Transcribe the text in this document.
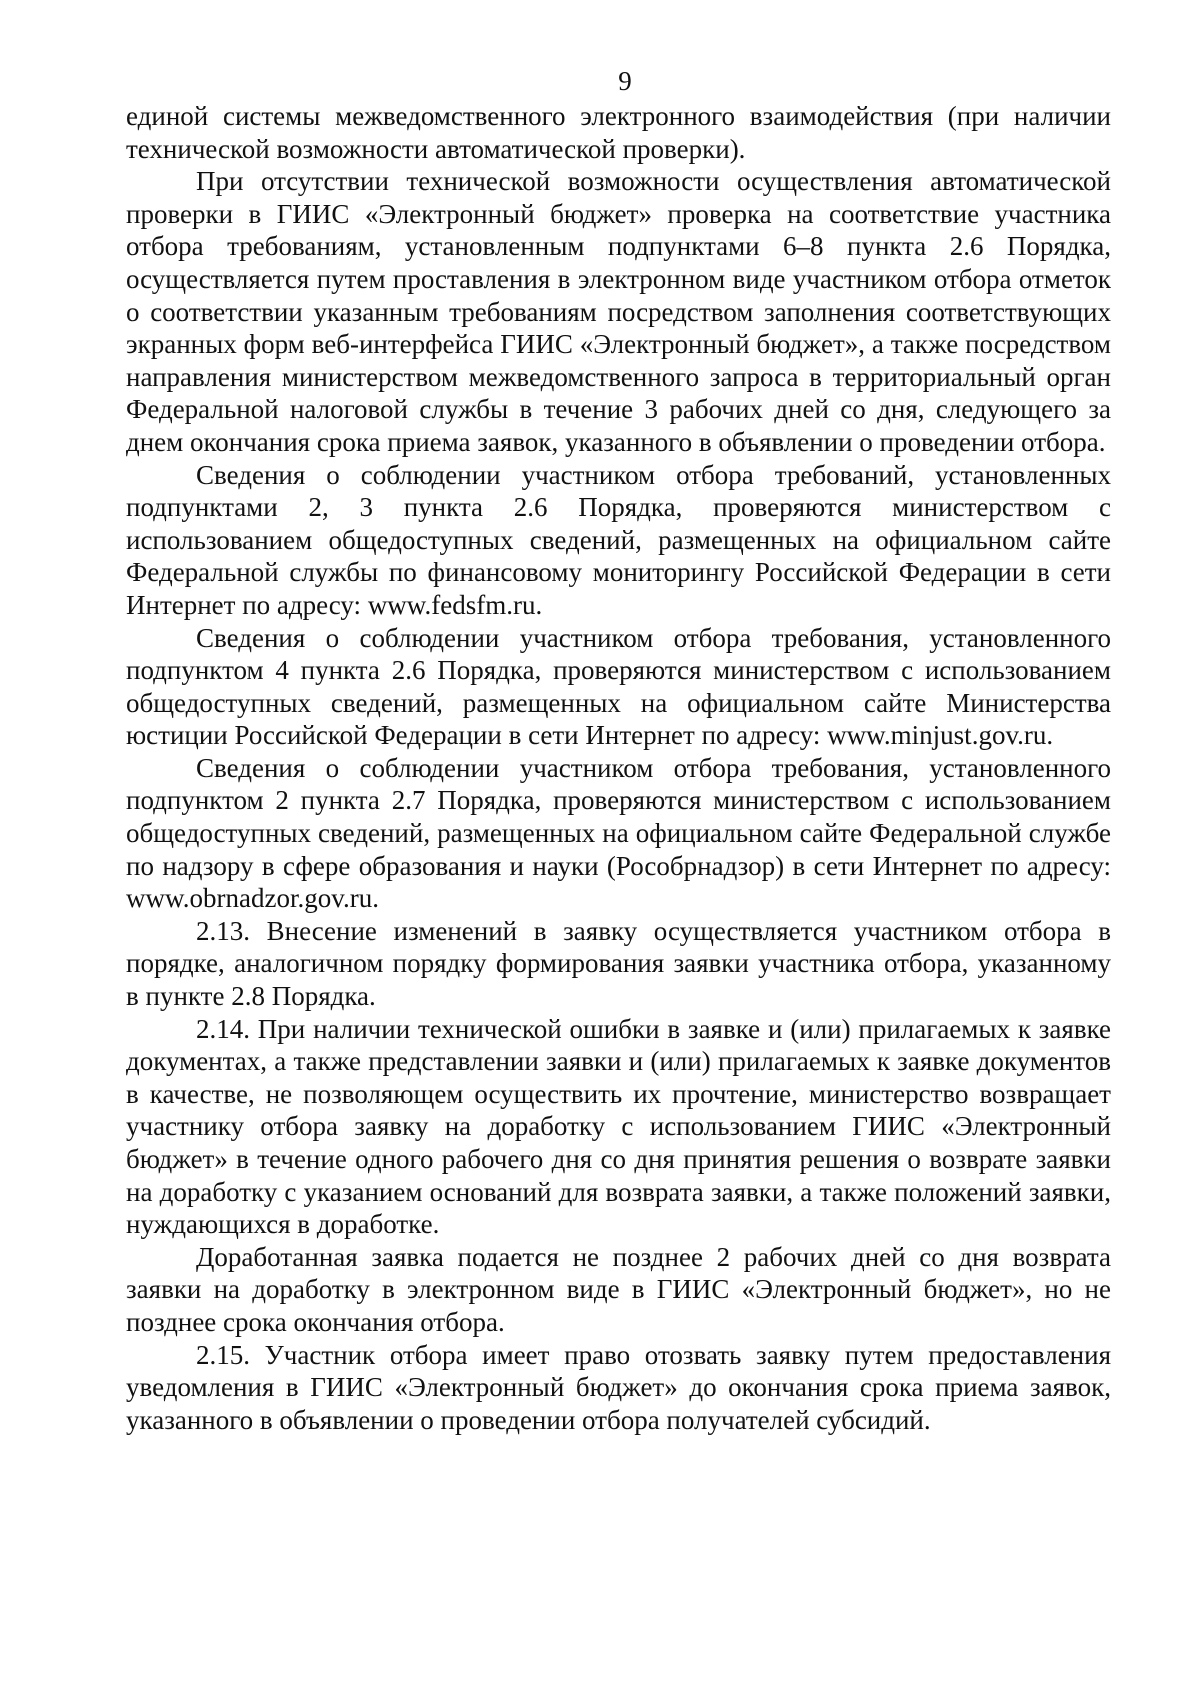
9

единой системы межведомственного электронного взаимодействия (при наличии технической возможности автоматической проверки).

При отсутствии технической возможности осуществления автоматической проверки в ГИИС «Электронный бюджет» проверка на соответствие участника отбора требованиям, установленным подпунктами 6–8 пункта 2.6 Порядка, осуществляется путем проставления в электронном виде участником отбора отметок о соответствии указанным требованиям посредством заполнения соответствующих экранных форм веб-интерфейса ГИИС «Электронный бюджет», а также посредством направления министерством межведомственного запроса в территориальный орган Федеральной налоговой службы в течение 3 рабочих дней со дня, следующего за днем окончания срока приема заявок, указанного в объявлении о проведении отбора.

Сведения о соблюдении участником отбора требований, установленных подпунктами 2, 3 пункта 2.6 Порядка, проверяются министерством с использованием общедоступных сведений, размещенных на официальном сайте Федеральной службы по финансовому мониторингу Российской Федерации в сети Интернет по адресу: www.fedsfm.ru.

Сведения о соблюдении участником отбора требования, установленного подпунктом 4 пункта 2.6 Порядка, проверяются министерством с использованием общедоступных сведений, размещенных на официальном сайте Министерства юстиции Российской Федерации в сети Интернет по адресу: www.minjust.gov.ru.

Сведения о соблюдении участником отбора требования, установленного подпунктом 2 пункта 2.7 Порядка, проверяются министерством с использованием общедоступных сведений, размещенных на официальном сайте Федеральной службе по надзору в сфере образования и науки (Рособрнадзор) в сети Интернет по адресу: www.obrnadzor.gov.ru.

2.13. Внесение изменений в заявку осуществляется участником отбора в порядке, аналогичном порядку формирования заявки участника отбора, указанному в пункте 2.8 Порядка.

2.14. При наличии технической ошибки в заявке и (или) прилагаемых к заявке документах, а также представлении заявки и (или) прилагаемых к заявке документов в качестве, не позволяющем осуществить их прочтение, министерство возвращает участнику отбора заявку на доработку с использованием ГИИС «Электронный бюджет» в течение одного рабочего дня со дня принятия решения о возврате заявки на доработку с указанием оснований для возврата заявки, а также положений заявки, нуждающихся в доработке.

Доработанная заявка подается не позднее 2 рабочих дней со дня возврата заявки на доработку в электронном виде в ГИИС «Электронный бюджет», но не позднее срока окончания отбора.

2.15. Участник отбора имеет право отозвать заявку путем предоставления уведомления в ГИИС «Электронный бюджет» до окончания срока приема заявок, указанного в объявлении о проведении отбора получателей субсидий.
